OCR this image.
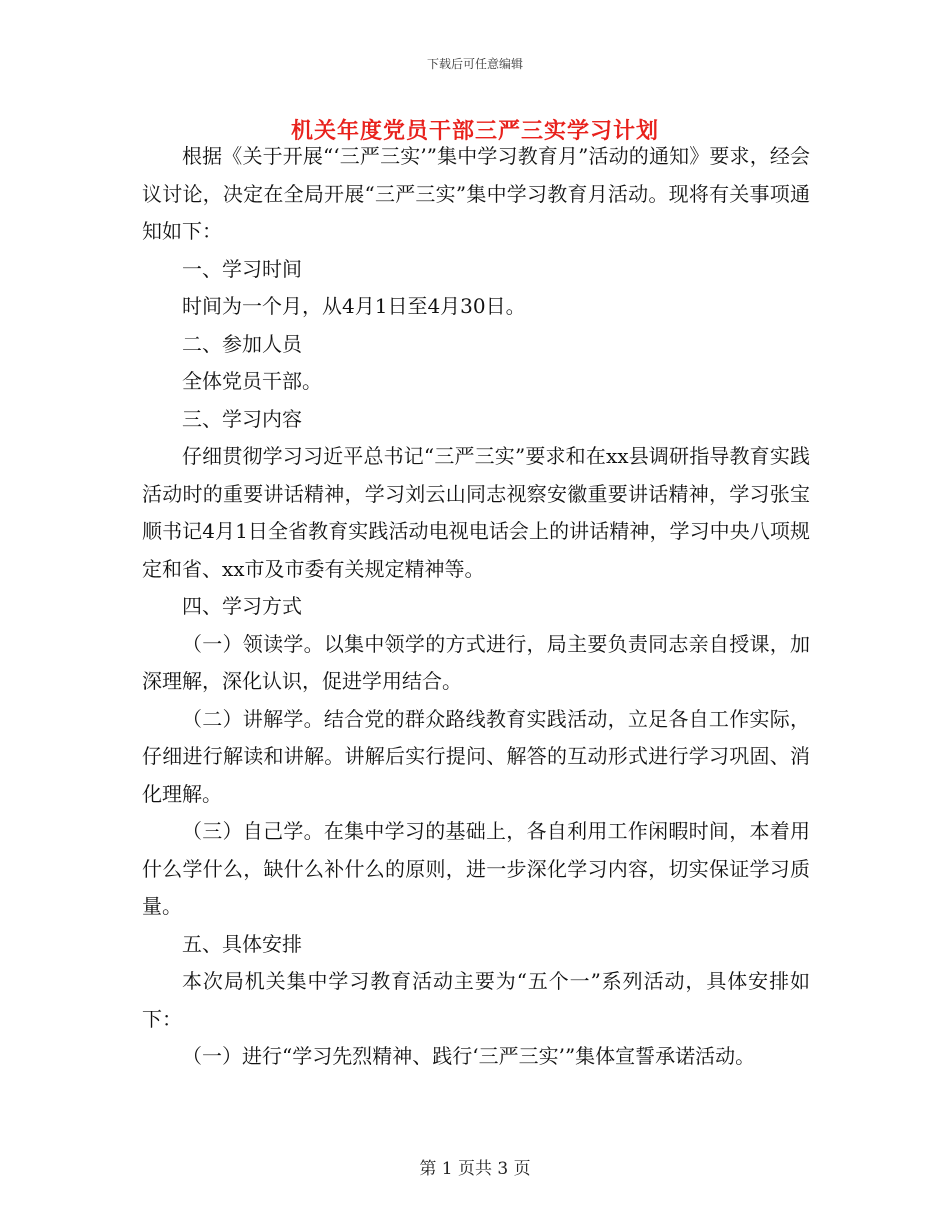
下载后可任意编辑
机关年度党员干部三严三实学习计划

根据《关于开展“‘三严三实’”集中学习教育月”活动的通知》要求，经会议讨论，决定在全局开展“三严三实”集中学习教育月活动。现将有关事项通知如下：

一、学习时间

时间为一个月，从4月1日至4月30日。

二、参加人员

全体党员干部。

三、学习内容

仔细贯彻学习习近平总书记“三严三实”要求和在xx县调研指导教育实践活动时的重要讲话精神，学习刘云山同志视察安徽重要讲话精神，学习张宝顺书记4月1日全省教育实践活动电视电话会上的讲话精神，学习中央八项规定和省、xx市及市委有关规定精神等。

四、学习方式

（一）领读学。以集中领学的方式进行，局主要负责同志亲自授课，加深理解，深化认识，促进学用结合。

（二）讲解学。结合党的群众路线教育实践活动，立足各自工作实际，仔细进行解读和讲解。讲解后实行提问、解答的互动形式进行学习巩固、消化理解。

（三）自己学。在集中学习的基础上，各自利用工作闲暇时间，本着用什么学什么，缺什么补什么的原则，进一步深化学习内容，切实保证学习质量。

五、具体安排

本次局机关集中学习教育活动主要为“五个一”系列活动，具体安排如下：

（一）进行“学习先烈精神、践行‘三严三实’”集体宣誓承诺活动。

第 1 页共 3 页
